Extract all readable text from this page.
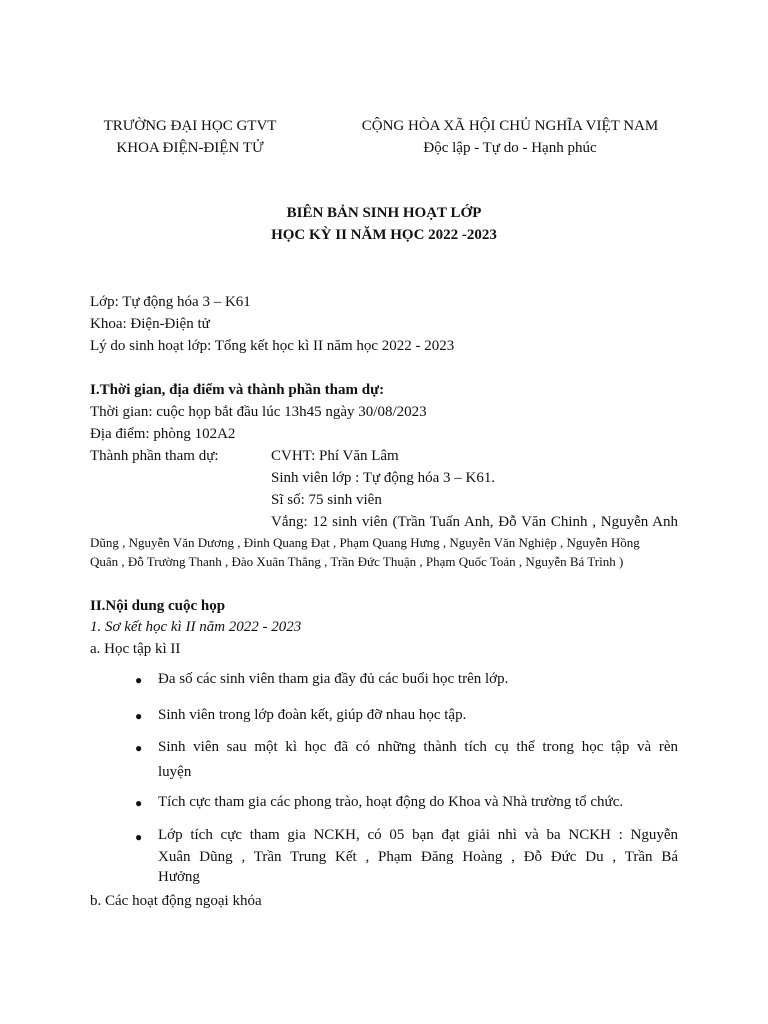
TRƯỜNG ĐẠI HỌC GTVT
KHOA ĐIỆN-ĐIỆN TỬ
CỘNG HÒA XÃ HỘI CHỦ NGHĨA VIỆT NAM
Độc lập - Tự do - Hạnh phúc
BIÊN BẢN SINH HOẠT LỚP
HỌC KỲ II NĂM HỌC 2022 -2023
Lớp: Tự động hóa 3 – K61
Khoa: Điện-Điện tử
Lý do sinh hoạt lớp: Tổng kết học kì II năm học 2022 - 2023
I.Thời gian, địa điểm và thành phần tham dự:
Thời gian: cuộc họp bắt đầu lúc 13h45 ngày 30/08/2023
Địa điểm: phòng 102A2
Thành phần tham dự:	CVHT: Phí Văn Lâm
Sinh viên lớp : Tự động hóa 3 – K61.
Sĩ số: 75 sinh viên
Vắng: 12 sinh viên (Trần Tuấn Anh, Đỗ Văn Chinh , Nguyễn Anh
Dũng , Nguyễn Văn Dương , Đinh Quang Đạt , Phạm Quang Hưng , Nguyễn Văn Nghiệp , Nguyễn Hồng
Quân , Đỗ Trường Thanh , Đào Xuân Thắng , Trần Đức Thuận , Phạm Quốc Toản , Nguyễn Bá Trình )
II.Nội dung cuộc họp
1. Sơ kết học kì II năm 2022 - 2023
a. Học tập kì II
● Đa số các sinh viên tham gia đầy đủ các buổi học trên lớp.
● Sinh viên trong lớp đoàn kết, giúp đỡ nhau học tập.
● Sinh viên sau một kì học đã có những thành tích cụ thể trong học tập và rèn
luyện
● Tích cực tham gia các phong trào, hoạt động do Khoa và Nhà trường tổ chức.
● Lớp tích cực tham gia NCKH, có 05 bạn đạt giải nhì và ba NCKH : Nguyễn
Xuân Dũng , Trần Trung Kết , Phạm Đăng Hoàng , Đỗ Đức Du , Trần Bá
Hưởng
b. Các hoạt động ngoại khóa
